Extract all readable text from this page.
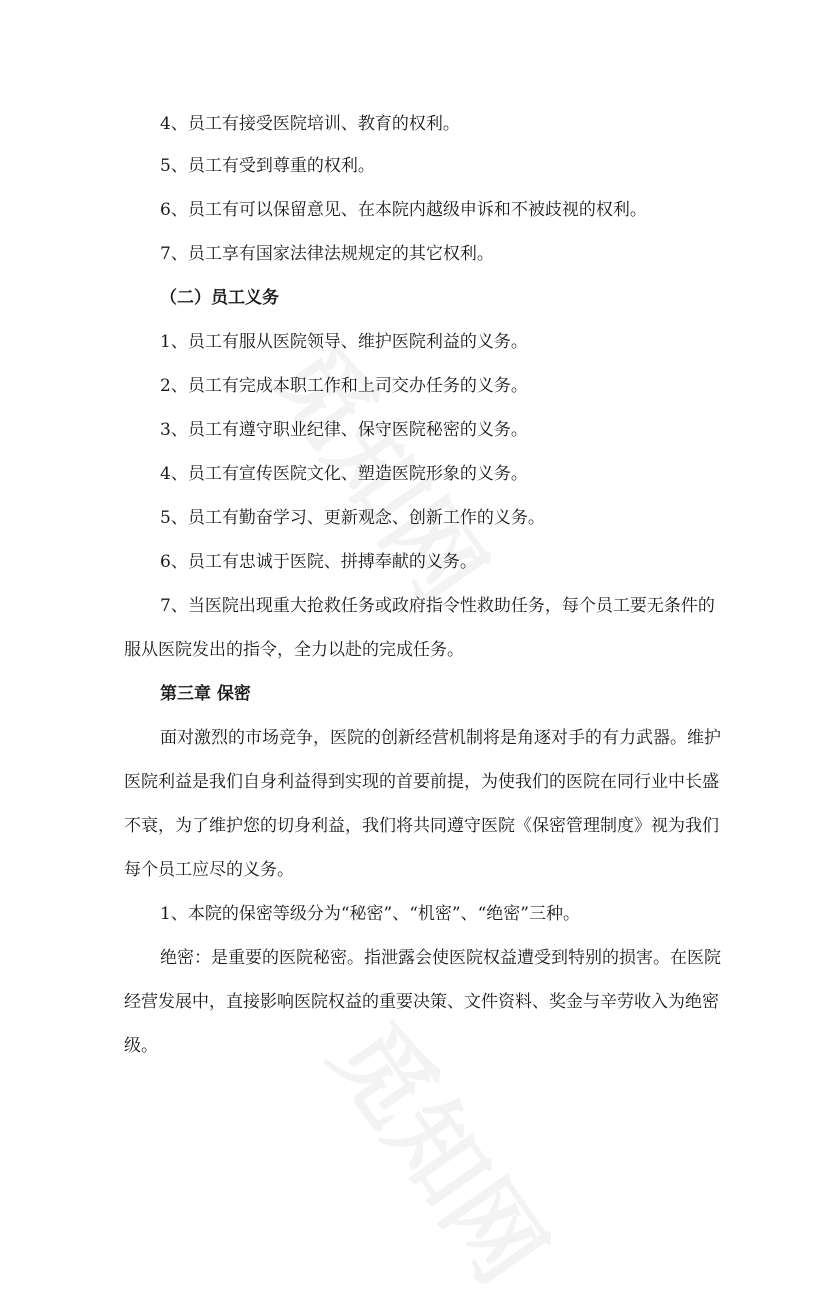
4、员工有接受医院培训、教育的权利。
5、员工有受到尊重的权利。
6、员工有可以保留意见、在本院内越级申诉和不被歧视的权利。
7、员工享有国家法律法规规定的其它权利。
（二）员工义务
1、员工有服从医院领导、维护医院利益的义务。
2、员工有完成本职工作和上司交办任务的义务。
3、员工有遵守职业纪律、保守医院秘密的义务。
4、员工有宣传医院文化、塑造医院形象的义务。
5、员工有勤奋学习、更新观念、创新工作的义务。
6、员工有忠诚于医院、拼搏奉献的义务。
7、当医院出现重大抢救任务或政府指令性救助任务，每个员工要无条件的
服从医院发出的指令，全力以赴的完成任务。
第三章 保密
面对激烈的市场竞争，医院的创新经营机制将是角逐对手的有力武器。维护
医院利益是我们自身利益得到实现的首要前提，为使我们的医院在同行业中长盛
不衰，为了维护您的切身利益，我们将共同遵守医院《保密管理制度》视为我们
每个员工应尽的义务。
1、本院的保密等级分为“秘密”、“机密”、“绝密”三种。
绝密：是重要的医院秘密。指泄露会使医院权益遭受到特别的损害。在医院
经营发展中，直接影响医院权益的重要决策、文件资料、奖金与辛劳收入为绝密
级。
